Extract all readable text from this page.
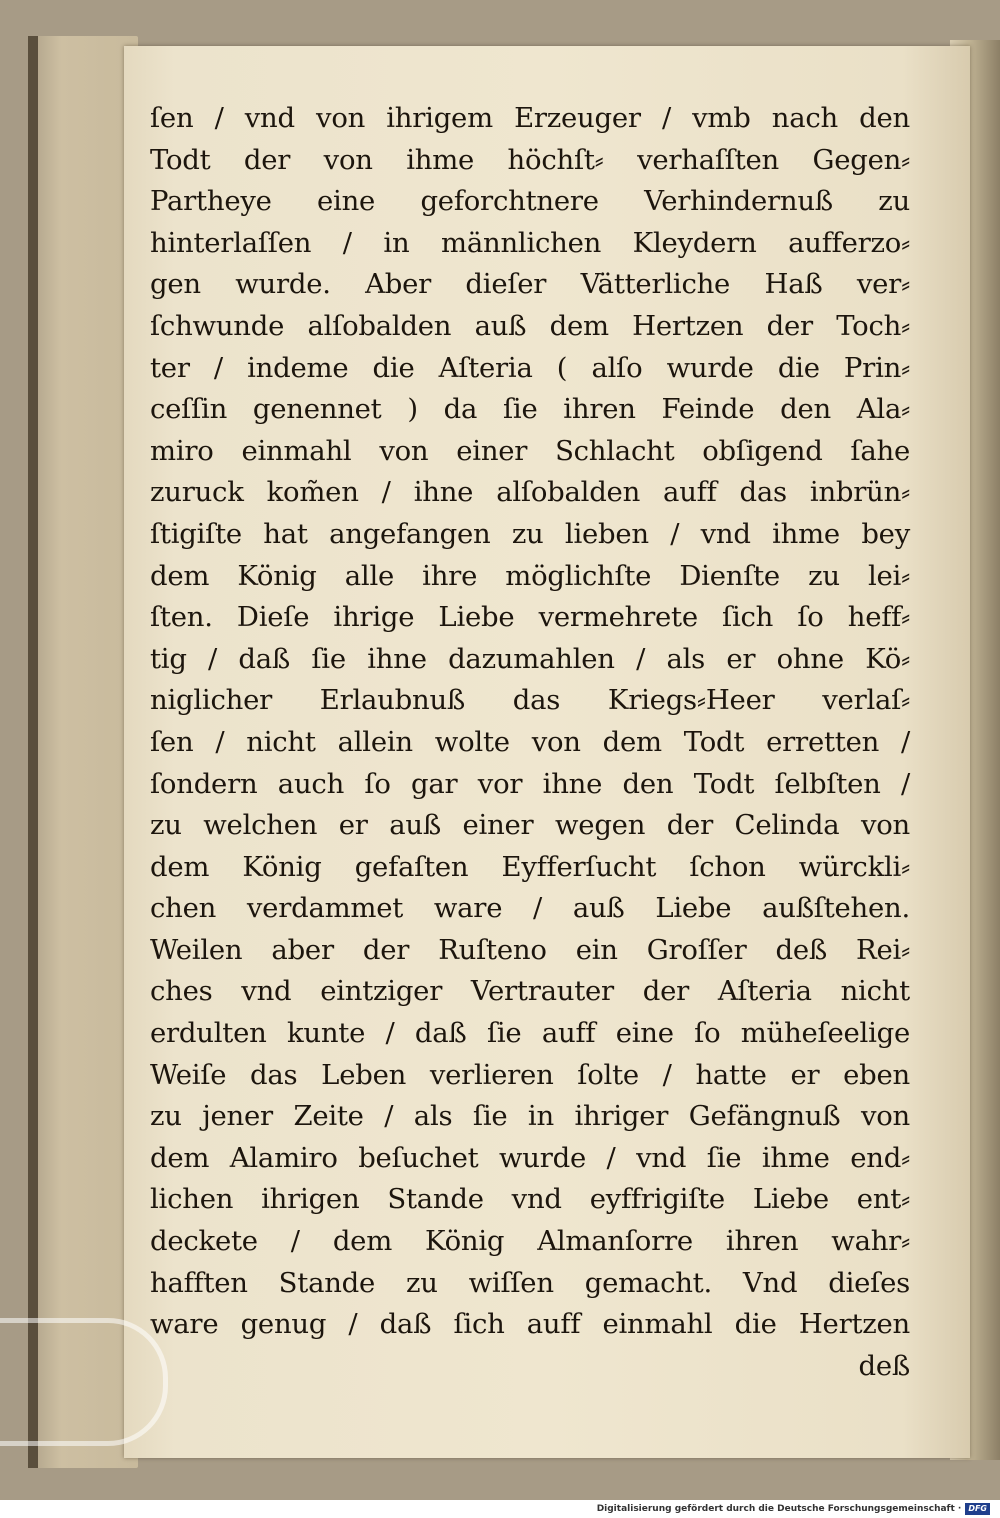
ſen / vnd von ihrigem Erzeuger / vmb nach den
Todt der von ihme höchſt⸗ verhaſſten Gegen⸗
Partheye eine geforchtnere Verhindernuß zu
hinterlaſſen / in männlichen Kleydern aufferzo⸗
gen wurde. Aber dieſer Vätterliche Haß ver⸗
ſchwunde alſobalden auß dem Hertzen der Toch⸗
ter / indeme die Aſteria ( alſo wurde die Prin⸗
ceſſin genennet ) da ſie ihren Feinde den Ala⸗
miro einmahl von einer Schlacht obſigend ſahe
zuruck kom̃en / ihne alſobalden auff das inbrün⸗
ſtigiſte hat angefangen zu lieben / vnd ihme bey
dem König alle ihre möglichſte Dienſte zu lei⸗
ſten. Dieſe ihrige Liebe vermehrete ſich ſo heff⸗
tig / daß ſie ihne dazumahlen / als er ohne Kö⸗
niglicher Erlaubnuß das Kriegs⸗Heer verlaſ⸗
ſen / nicht allein wolte von dem Todt erretten /
ſondern auch ſo gar vor ihne den Todt ſelbſten /
zu welchen er auß einer wegen der Celinda von
dem König gefaſten Eyfferſucht ſchon würckli⸗
chen verdammet ware / auß Liebe außſtehen.
Weilen aber der Ruſteno ein Groſſer deß Rei⸗
ches vnd eintziger Vertrauter der Aſteria nicht
erdulten kunte / daß ſie auff eine ſo müheſeelige
Weiſe das Leben verlieren ſolte / hatte er eben
zu jener Zeite / als ſie in ihriger Gefängnuß von
dem Alamiro beſuchet wurde / vnd ſie ihme end⸗
lichen ihrigen Stande vnd eyffrigiſte Liebe ent⸗
deckete / dem König Almanſorre ihren wahr⸗
hafften Stande zu wiſſen gemacht. Vnd dieſes
ware genug / daß ſich auff einmahl die Hertzen
deß
Digitalisierung gefördert durch die Deutsche Forschungsgemeinschaft · DFG
